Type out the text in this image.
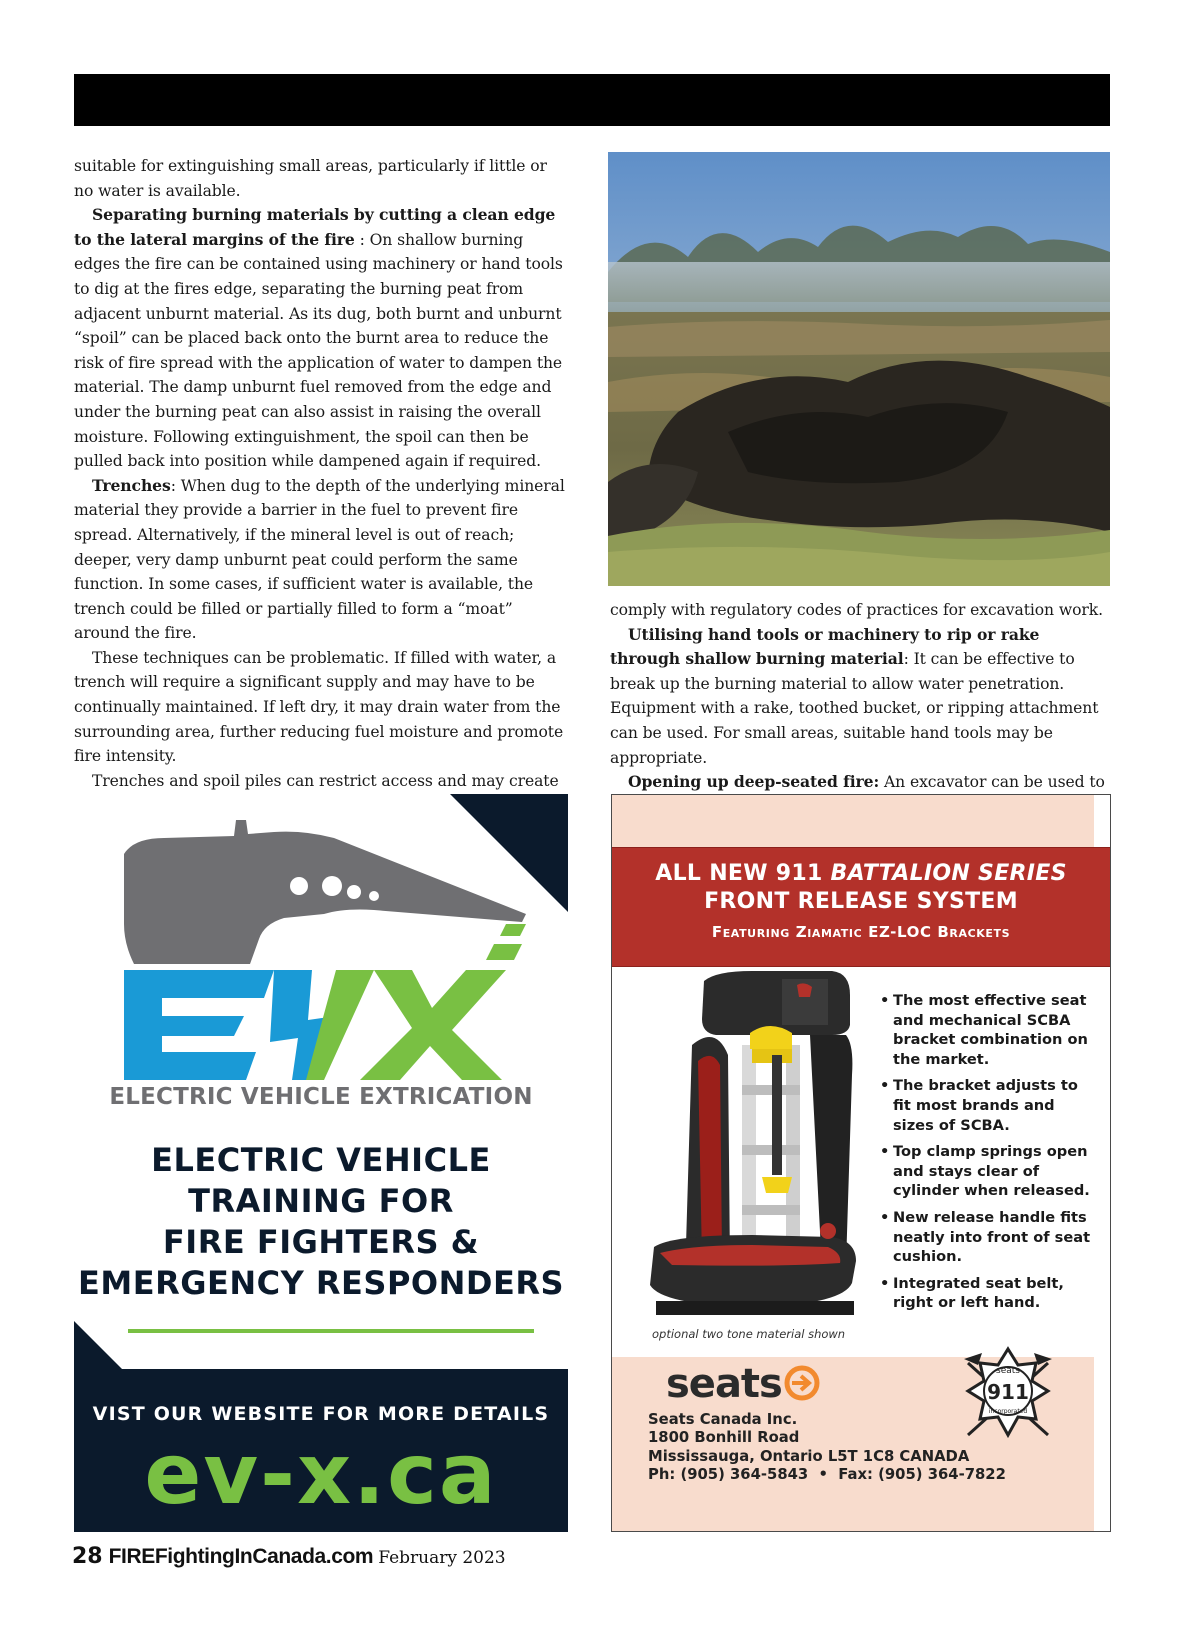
suitable for extinguishing small areas, particularly if little or no water is available.

Separating burning materials by cutting a clean edge to the lateral margins of the fire : On shallow burning edges the fire can be contained using machinery or hand tools to dig at the fires edge, separating the burning peat from adjacent unburnt material. As its dug, both burnt and unburnt “spoil” can be placed back onto the burnt area to reduce the risk of fire spread with the application of water to dampen the material. The damp unburnt fuel removed from the edge and under the burning peat can also assist in raising the overall moisture. Following extinguishment, the spoil can then be pulled back into position while dampened again if required.

Trenches: When dug to the depth of the underlying mineral material they provide a barrier in the fuel to prevent fire spread. Alternatively, if the mineral level is out of reach; deeper, very damp unburnt peat could perform the same function. In some cases, if sufficient water is available, the trench could be filled or partially filled to form a “moat” around the fire.

These techniques can be problematic. If filled with water, a trench will require a significant supply and may have to be continually maintained. If left dry, it may drain water from the surrounding area, further reducing fuel moisture and promote fire intensity.

Trenches and spoil piles can restrict access and may create

comply with regulatory codes of practices for excavation work.

Utilising hand tools or machinery to rip or rake through shallow burning material: It can be effective to break up the burning material to allow water penetration. Equipment with a rake, toothed bucket, or ripping attachment can be used. For small areas, suitable hand tools may be appropriate.

Opening up deep-seated fire: An excavator can be used to

ELECTRIC VEHICLE EXTRICATION
ELECTRIC VEHICLE
TRAINING FOR
FIRE FIGHTERS &
EMERGENCY RESPONDERS
VIST OUR WEBSITE FOR MORE DETAILS
ev-x.ca
ALL NEW 911 BATTALION SERIES
FRONT RELEASE SYSTEM
Featuring Ziamatic EZ-LOC Brackets
• The most effective seat and mechanical SCBA bracket combination on the market.
• The bracket adjusts to fit most brands and sizes of SCBA.
• Top clamp springs open and stays clear of cylinder when released.
• New release handle fits neatly into front of seat cushion.
• Integrated seat belt, right or left hand.
optional two tone material shown
seats	seats
911
incorporated
Seats Canada Inc.
1800 Bonhill Road
Mississauga, Ontario L5T 1C8 CANADA
Ph: (905) 364-5843  •  Fax: (905) 364-7822
28 FIREFightingInCanada.com February 2023
